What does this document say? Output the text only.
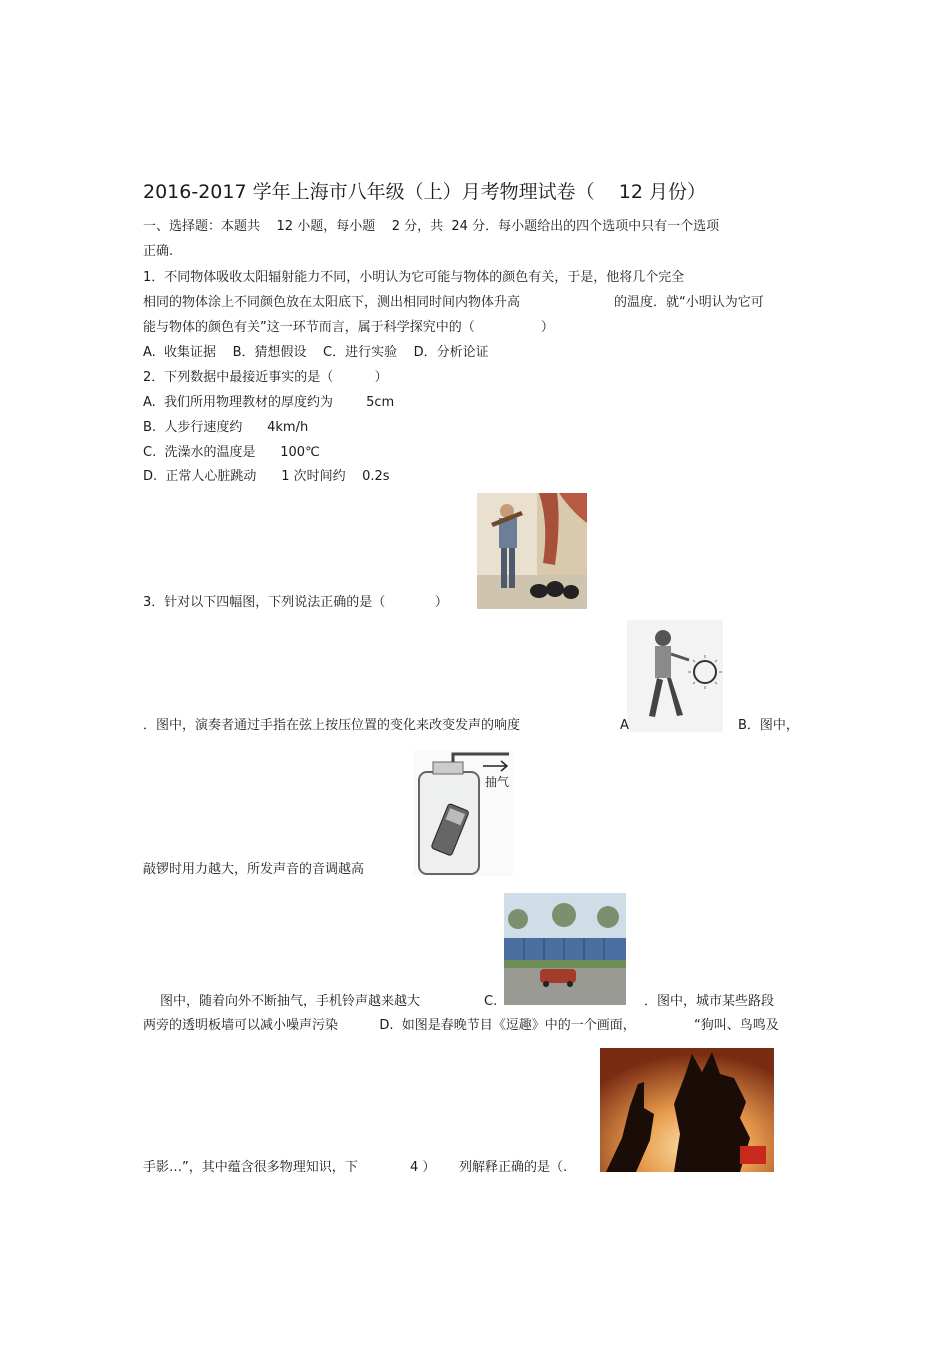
2016-2017 学年上海市八年级（上）月考物理试卷（    12 月份）
一、选择题：本题共    12 小题，每小题    2 分，共  24 分．每小题给出的四个选项中只有一个选项
正确.
1．不同物体吸收太阳辐射能力不同，小明认为它可能与物体的颜色有关，于是，他将几个完全
相同的物体涂上不同颜色放在太阳底下，测出相同时间内物体升高	的温度．就“小明认为它可
能与物体的颜色有关”这一环节而言，属于科学探究中的（                ）
A.  收集证据    B．猜想假设    C．进行实验    D．分析论证
2．下列数据中最接近事实的是（          ）
A.  我们所用物理教材的厚度约为        5cm
B.  人步行速度约      4km/h
C.  洗澡水的温度是      100℃
D.  正常人心脏跳动      1 次时间约    0.2s
3．针对以下四幅图，下列说法正确的是（            ）
．图中，演奏者通过手指在弦上按压位置的变化来改变发声的响度	A	B．图中，
抽气
敲锣时用力越大，所发声音的音调越高
图中，随着向外不断抽气，手机铃声越来越大	C.	．图中，城市某些路段
两旁的透明板墙可以减小噪声污染          D.  如图是春晚节目《逗趣》中的一个画面，	“狗叫、鸟鸣及
手影…”，其中蕴含很多物理知识，下	4 ） 列解释正确的是（.
